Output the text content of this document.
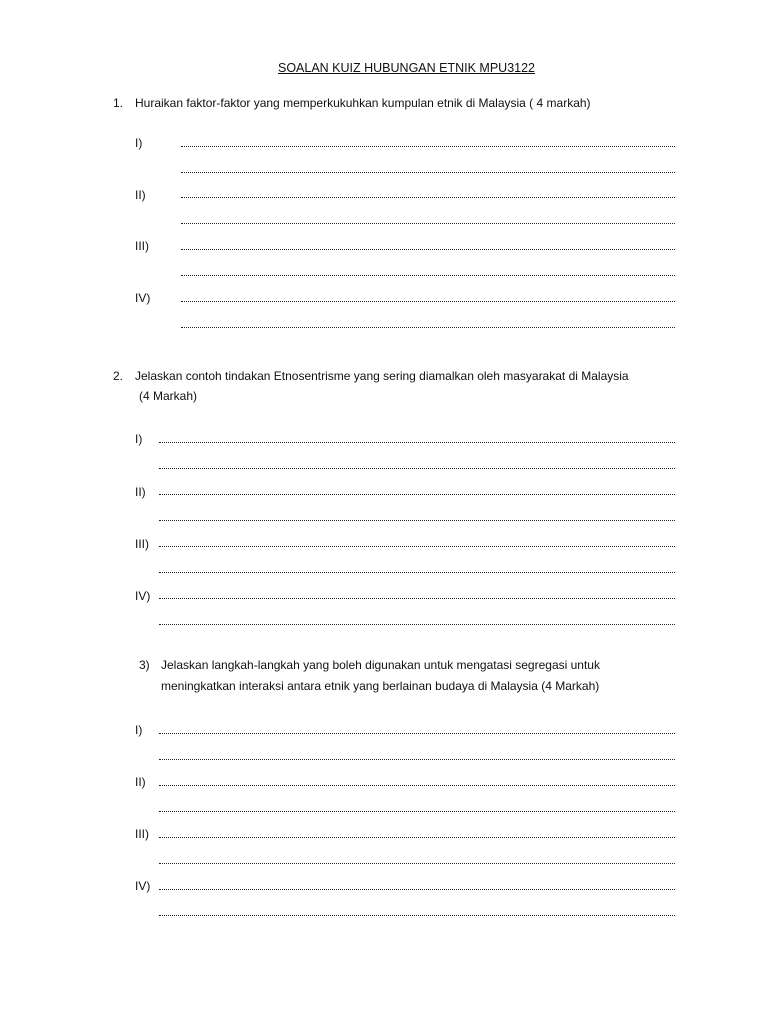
SOALAN KUIZ HUBUNGAN ETNIK MPU3122
1. Huraikan faktor-faktor yang memperkukuhkan kumpulan etnik di Malaysia ( 4 markah)
I)
II)
III)
IV)
2. Jelaskan contoh tindakan Etnosentrisme yang sering diamalkan oleh masyarakat di Malaysia
(4 Markah)
I)
II)
III)
IV)
3) Jelaskan langkah-langkah yang boleh digunakan untuk mengatasi segregasi untuk
meningkatkan interaksi antara etnik yang berlainan budaya di Malaysia (4 Markah)
I)
II)
III)
IV)
